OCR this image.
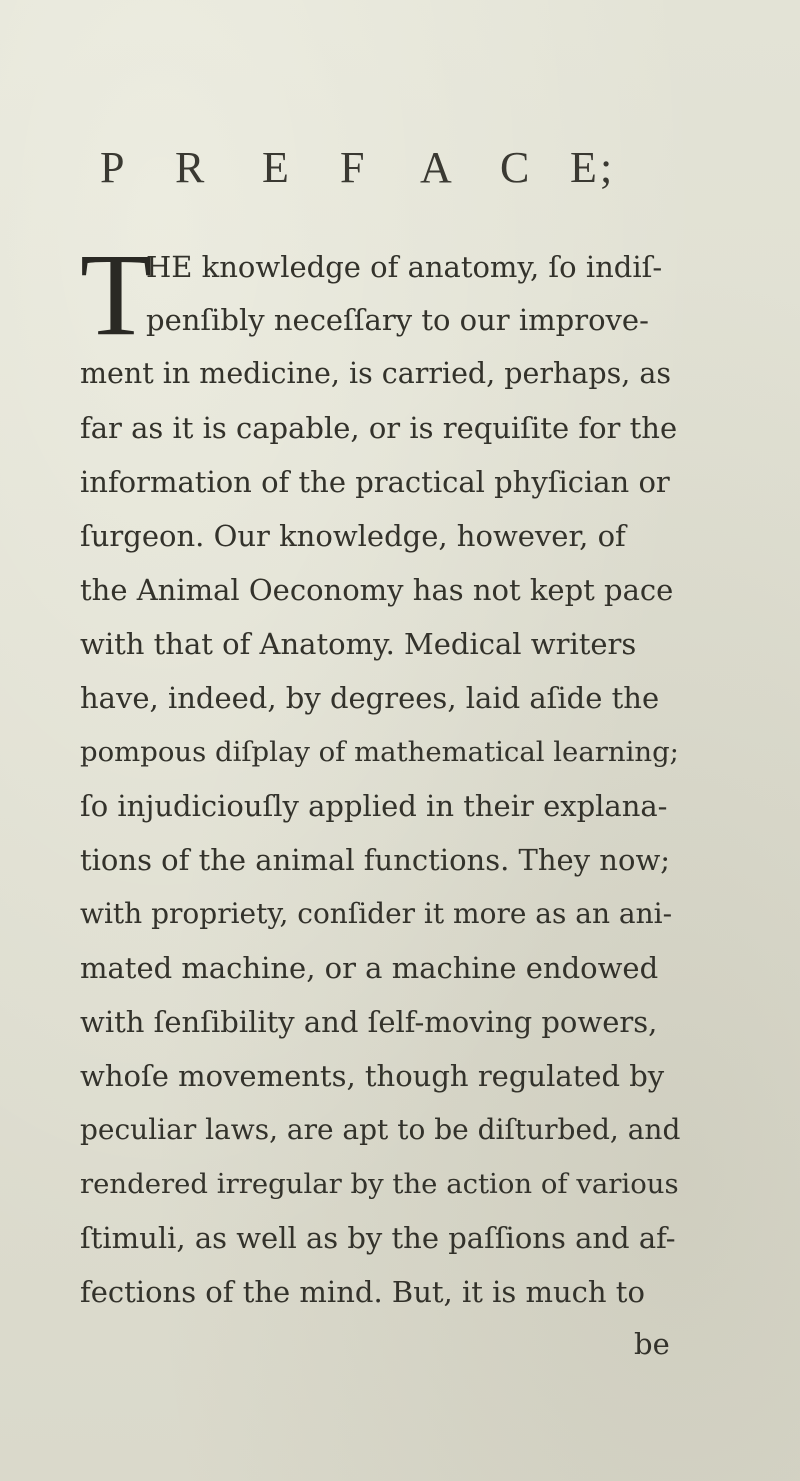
P R E F A C E ;
T
HE knowledge of anatomy, ſo indiſ-
penſibly neceſſary to our improve-
ment in medicine, is carried, perhaps, as
far as it is capable, or is requiſite for the
information of the practical phyſician or
ſurgeon. Our knowledge, however, of
the Animal Oeconomy has not kept pace
with that of Anatomy. Medical writers
have, indeed, by degrees, laid aſide the
pompous diſplay of mathematical learning;
ſo injudiciouſly applied in their explana-
tions of the animal functions. They now;
with propriety, conſider it more as an ani-
mated machine, or a machine endowed
with ſenſibility and ſelf-moving powers,
whoſe movements, though regulated by
peculiar laws, are apt to be diſturbed, and
rendered irregular by the action of various
ſtimuli, as well as by the paſſions and af-
fections of the mind. But, it is much to
be
